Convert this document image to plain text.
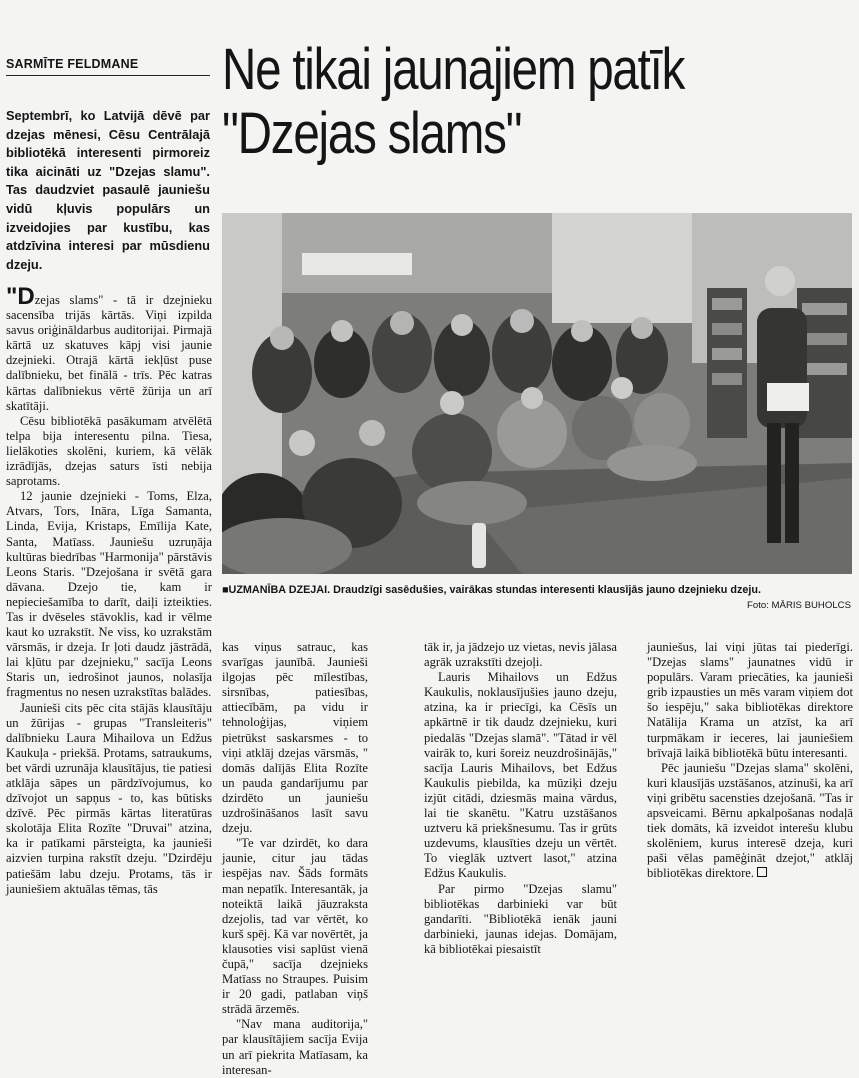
SARMĪTE FELDMANE	Ne tikai jaunajiem patīk
"Dzejas slams"
Septembrī, ko Latvijā dēvē par dzejas mēnesi, Cēsu Centrālajā bibliotēkā interesenti pirmoreiz tika aicināti uz "Dzejas slamu". Tas daudzviet pasaulē jauniešu vidū kļuvis populārs un izveidojies par kustību, kas atdzīvina interesi par mūsdienu dzeju.
■UZMANĪBA DZEJAI. Draudzīgi sasēdušies, vairākas stundas interesenti klausījās jauno dzejnieku dzeju.
Foto: MĀRIS BUHOLCS

"Dzejas slams" - tā ir dzejnieku sacensība trijās kārtās. Viņi izpilda savus oriģināldarbus auditorijai. Pirmajā kārtā uz skatuves kāpj visi jaunie dzejnieki. Otrajā kārtā iekļūst puse dalībnieku, bet finālā - trīs. Pēc katras kārtas dalībniekus vērtē žūrija un arī skatītāji.

Cēsu bibliotēkā pasākumam atvēlētā telpa bija interesentu pilna. Tiesa, lielākoties skolēni, kuriem, kā vēlāk izrādījās, dzejas saturs īsti nebija saprotams.

12 jaunie dzejnieki - Toms, Elza, Atvars, Tors, Ināra, Līga Samanta, Linda, Evija, Kristaps, Emīlija Kate, Santa, Matīass. Jauniešu uzruņāja kultūras biedrības "Harmonija" pārstāvis Leons Staris. "Dzejošana ir svētā gara dāvana. Dzejo tie, kam ir nepieciešamība to darīt, daiļi izteikties. Tas ir dvēseles stāvoklis, kad ir vēlme kaut ko uzrakstīt. Ne viss, ko uzrakstām vārsmās, ir dzeja. Ir ļoti daudz jāstrādā, lai kļūtu par dzejnieku," sacīja Leons Staris un, iedrošinot jaunos, nolasīja fragmentus no nesen uzrakstītas balādes.

Jaunieši cits pēc cita stājās klausītāju un žūrijas - grupas "Transleiteris" dalībnieku Laura Mihailova un Edžus Kaukuļa - priekšā. Protams, satraukums, bet vārdi uzrunāja klausītājus, tie patiesi atklāja sāpes un pārdzīvojumus, ko dzīvojot un sapņus - to, kas būtisks dzīvē. Pēc pirmās kārtas literatūras skolotāja Elita Rozīte "Druvai" atzina, ka ir patīkami pārsteigta, ka jaunieši aizvien turpina rakstīt dzeju. "Dzirdēju patiešām labu dzeju. Protams, tās ir jauniešiem aktuālas tēmas, tās

kas viņus satrauc, kas svarīgas jaunībā. Jaunieši ilgojas pēc mīlestības, sirsnības, patiesības, attiecībām, pa vidu ir tehnoloģijas, viņiem pietrūkst saskarsmes - to viņi atklāj dzejas vārsmās, " domās dalījās Elita Rozīte un pauda gandarījumu par dzirdēto un jauniešu uzdrošināšanos lasīt savu dzeju.

"Te var dzirdēt, ko dara jaunie, citur jau tādas iespējas nav. Šāds formāts man nepatīk. Interesantāk, ja noteiktā laikā jāuzraksta dzejolis, tad var vērtēt, ko kurš spēj. Kā var novērtēt, ja klausoties visi saplūst vienā čupā," sacīja dzejnieks Matīass no Straupes. Puisim ir 20 gadi, patlaban viņš strādā ārzemēs.

"Nav mana auditorija," par klausītājiem sacīja Evija un arī piekrita Matīasam, ka interesan-

tāk ir, ja jādzejo uz vietas, nevis jālasa agrāk uzrakstīti dzejoļi.

Lauris Mihailovs un Edžus Kaukulis, noklausījušies jauno dzeju, atzina, ka ir priecīgi, ka Cēsīs un apkārtnē ir tik daudz dzejnieku, kuri piedalās "Dzejas slamā". "Tātad ir vēl vairāk to, kuri šoreiz neuzdrošinājās," sacīja Lauris Mihailovs, bet Edžus Kaukulis piebilda, ka mūziķi dzeju izjūt citādi, dziesmās maina vārdus, lai tie skanētu. "Katru uzstāšanos uztveru kā priekšnesumu. Tas ir grūts uzdevums, klausīties dzeju un vērtēt. To vieglāk uztvert lasot," atzina Edžus Kaukulis.

Par pirmo "Dzejas slamu" bibliotēkas darbinieki var būt gandarīti. "Bibliotēkā ienāk jauni darbinieki, jaunas idejas. Domājam, kā bibliotēkai piesaistīt

jauniešus, lai viņi jūtas tai piederīgi. "Dzejas slams" jaunatnes vidū ir populārs. Varam priecāties, ka jaunieši grib izpausties un mēs varam viņiem dot šo iespēju," saka bibliotēkas direktore Natālija Krama un atzīst, ka arī turpmākam ir ieceres, lai jauniešiem brīvajā laikā bibliotēkā būtu interesanti.

Pēc jauniešu "Dzejas slama" skolēni, kuri klausījās uzstāšanos, atzinuši, ka arī viņi gribētu sacensties dzejošanā. "Tas ir apsveicami. Bērnu apkalpošanas nodaļā tiek domāts, kā izveidot interešu klubu skolēniem, kurus interesē dzeja, kuri paši vēlas pamēģināt dzejot," atklāj bibliotēkas direktore.
